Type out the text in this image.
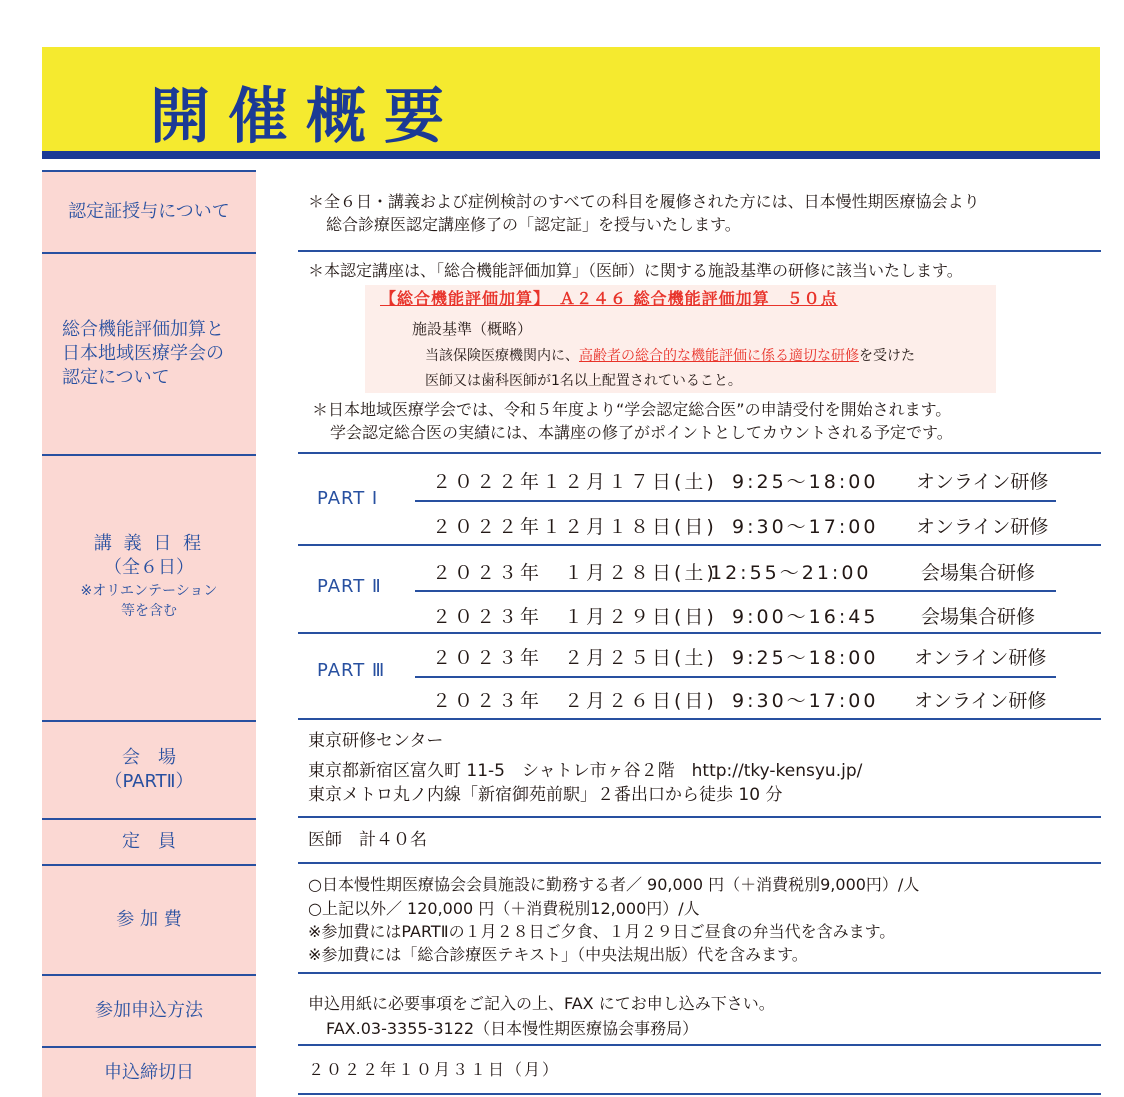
開催概要
認定証授与について
総合機能評価加算と
日本地域医療学会の
認定について
講 義 日 程
（全６日）
※オリエンテーション
等を含む
会　場
（PARTⅡ）
定　員
参 加 費
参加申込方法
申込締切日
＊全６日・講義および症例検討のすべての科目を履修された方には、日本慢性期医療協会より
総合診療医認定講座修了の「認定証」を授与いたします。
＊本認定講座は、「総合機能評価加算」（医師）に関する施設基準の研修に該当いたします。
【総合機能評価加算】　Ａ２４６ 総合機能評価加算　５０点
施設基準（概略）
当該保険医療機関内に、高齢者の総合的な機能評価に係る適切な研修を受けた
医師又は歯科医師が1名以上配置されていること。
＊日本地域医療学会では、令和５年度より“学会認定総合医”の申請受付を開始されます。
学会認定総合医の実績には、本講座の修了がポイントとしてカウントされる予定です。
PART Ⅰ
PART Ⅱ
PART Ⅲ
２０２２年１２月１７日(土) 9:25〜18:00 オンライン研修
２０２２年１２月１８日(日) 9:30〜17:00 オンライン研修
２０２３年　１月２８日(土)
12:55〜21:00	会場集合研修
２０２３年　１月２９日(日) 9:00〜16:45 会場集合研修
２０２３年　２月２５日(土) 9:25〜18:00 オンライン研修
２０２３年　２月２６日(日) 9:30〜17:00 オンライン研修
東京研修センター
東京都新宿区富久町 11-5　シャトレ市ヶ谷２階　http://tky-kensyu.jp/
東京メトロ丸ノ内線「新宿御苑前駅」２番出口から徒歩 10 分
医師　計４０名
○日本慢性期医療協会会員施設に勤務する者／ 90,000 円（＋消費税別9,000円）/人
○上記以外／ 120,000 円（＋消費税別12,000円）/人
※参加費にはPARTⅡの１月２８日ご夕食、１月２９日ご昼食の弁当代を含みます。
※参加費には「総合診療医テキスト」（中央法規出版）代を含みます。
申込用紙に必要事項をご記入の上、FAX にてお申し込み下さい。
FAX.03-3355-3122（日本慢性期医療協会事務局）
２０２２年１０月３１日（月）
